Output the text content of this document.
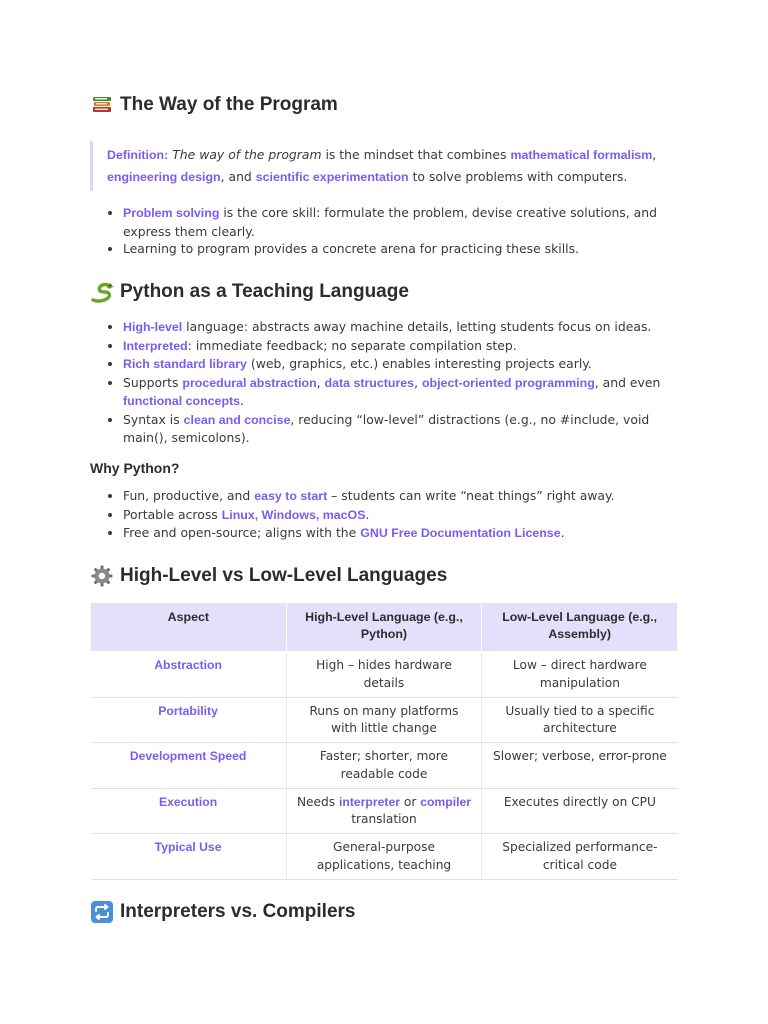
The Way of the Program
Definition: The way of the program is the mindset that combines mathematical formalism, engineering design, and scientific experimentation to solve problems with computers.
Problem solving is the core skill: formulate the problem, devise creative solutions, and express them clearly.
Learning to program provides a concrete arena for practicing these skills.
Python as a Teaching Language
High-level language: abstracts away machine details, letting students focus on ideas.
Interpreted: immediate feedback; no separate compilation step.
Rich standard library (web, graphics, etc.) enables interesting projects early.
Supports procedural abstraction, data structures, object-oriented programming, and even functional concepts.
Syntax is clean and concise, reducing “low-level” distractions (e.g., no #include, void main(), semicolons).
Why Python?
Fun, productive, and easy to start – students can write “neat things” right away.
Portable across Linux, Windows, macOS.
Free and open-source; aligns with the GNU Free Documentation License.
High-Level vs Low-Level Languages
Aspect	High-Level Language (e.g., Python)	Low-Level Language (e.g., Assembly)
Abstraction	High – hides hardware details	Low – direct hardware manipulation
Portability	Runs on many platforms with little change	Usually tied to a specific architecture
Development Speed	Faster; shorter, more readable code	Slower; verbose, error-prone
Execution	Needs interpreter or compiler translation	Executes directly on CPU
Typical Use	General-purpose applications, teaching	Specialized performance-critical code
Interpreters vs. Compilers
